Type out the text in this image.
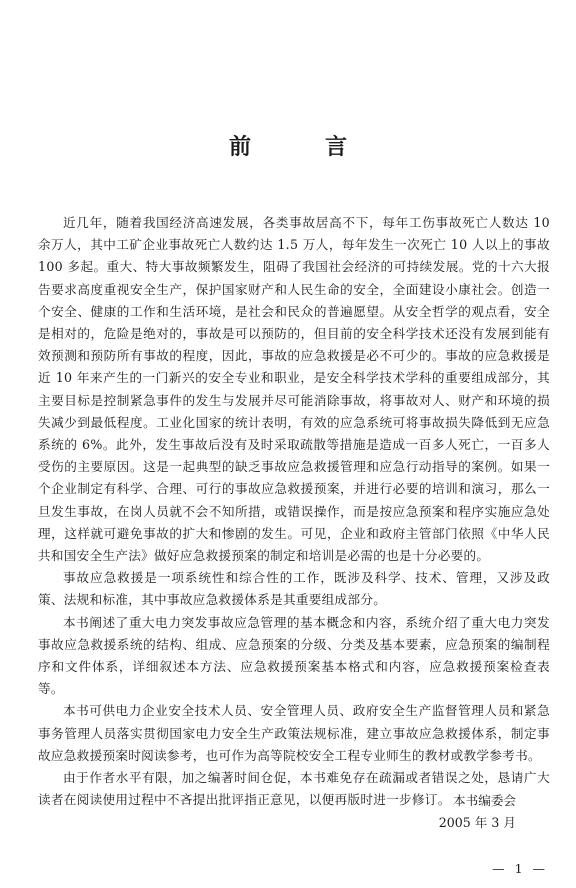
前　言

近几年，随着我国经济高速发展，各类事故居高不下，每年工伤事故死亡人数达 10 余万人，其中工矿企业事故死亡人数约达 1.5 万人，每年发生一次死亡 10 人以上的事故 100 多起。重大、特大事故频繁发生，阻碍了我国社会经济的可持续发展。党的十六大报告要求高度重视安全生产，保护国家财产和人民生命的安全，全面建设小康社会。创造一个安全、健康的工作和生活环境，是社会和民众的普遍愿望。从安全哲学的观点看，安全是相对的，危险是绝对的，事故是可以预防的，但目前的安全科学技术还没有发展到能有效预测和预防所有事故的程度，因此，事故的应急救援是必不可少的。事故的应急救援是近 10 年来产生的一门新兴的安全专业和职业，是安全科学技术学科的重要组成部分，其主要目标是控制紧急事件的发生与发展并尽可能消除事故，将事故对人、财产和环境的损失减少到最低程度。工业化国家的统计表明，有效的应急系统可将事故损失降低到无应急系统的 6%。此外，发生事故后没有及时采取疏散等措施是造成一百多人死亡，一百多人受伤的主要原因。这是一起典型的缺乏事故应急救援管理和应急行动指导的案例。如果一个企业制定有科学、合理、可行的事故应急救援预案，并进行必要的培训和演习，那么一旦发生事故，在岗人员就不会不知所措，或错误操作，而是按应急预案和程序实施应急处理，这样就可避免事故的扩大和惨剧的发生。可见，企业和政府主管部门依照《中华人民共和国安全生产法》做好应急救援预案的制定和培训是必需的也是十分必要的。

事故应急救援是一项系统性和综合性的工作，既涉及科学、技术、管理，又涉及政策、法规和标准，其中事故应急救援体系是其重要组成部分。

本书阐述了重大电力突发事故应急管理的基本概念和内容，系统介绍了重大电力突发事故应急救援系统的结构、组成、应急预案的分级、分类及基本要素，应急预案的编制程序和文件体系，详细叙述本方法、应急救援预案基本格式和内容，应急救援预案检查表等。

本书可供电力企业安全技术人员、安全管理人员、政府安全生产监督管理人员和紧急事务管理人员落实贯彻国家电力安全生产政策法规标准，建立事故应急救援体系，制定事故应急救援预案时阅读参考，也可作为高等院校安全工程专业师生的教材或教学参考书。

由于作者水平有限，加之编著时间仓促，本书难免存在疏漏或者错误之处，恳请广大读者在阅读使用过程中不吝提出批评指正意见，以便再版时进一步修订。 本书编委会
2005 年 3 月
— 1 —
